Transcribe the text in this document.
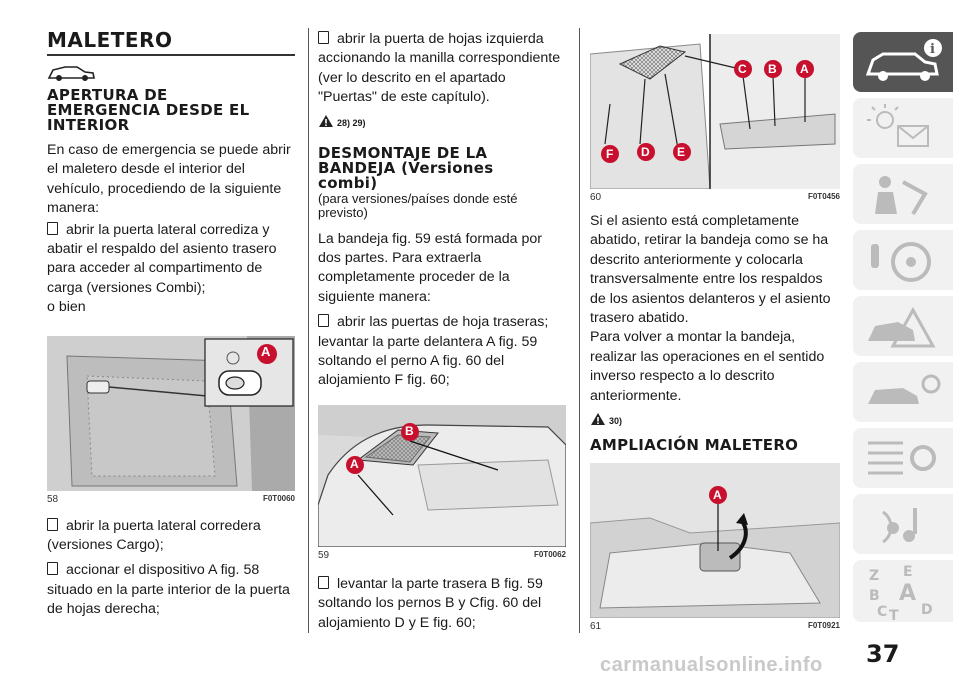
MALETERO
APERTURA DE
EMERGENCIA DESDE EL
INTERIOR

En caso de emergencia se puede abrir el maletero desde el interior del vehículo, procediendo de la siguiente manera:

abrir la puerta lateral corrediza y abatir el respaldo del asiento trasero para acceder al compartimento de carga (versiones Combi);

o bien

A
58	F0T0060

abrir la puerta lateral corredera (versiones Cargo);

accionar el dispositivo A fig. 58 situado en la parte interior de la puerta de hojas derecha;

abrir la puerta de hojas izquierda accionando la manilla correspondiente (ver lo descrito en el apartado "Puertas" de este capítulo).

28) 29)
DESMONTAJE DE LA
BANDEJA (Versiones
combi)
(para versiones/países donde esté previsto)

La bandeja fig. 59 está formada por dos partes. Para extraerla completamente proceder de la siguiente manera:

abrir las puertas de hoja traseras; levantar la parte delantera A fig. 59 soltando el perno A fig. 60 del alojamiento F fig. 60;

B
A
59	F0T0062

levantar la parte trasera B fig. 59 soltando los pernos B y Cfig. 60 del alojamiento D y E fig. 60;

C B A
F D E
60	F0T0456

Si el asiento está completamente abatido, retirar la bandeja como se ha descrito anteriormente y colocarla transversalmente entre los respaldos de los asientos delanteros y el asiento trasero abatido.

Para volver a montar la bandeja, realizar las operaciones en el sentido inverso respecto a lo descrito anteriormente.

30)
AMPLIACIÓN MALETERO
A
61	F0T0921
i
Z E
B A
C T D
37
carmanualsonline.info
